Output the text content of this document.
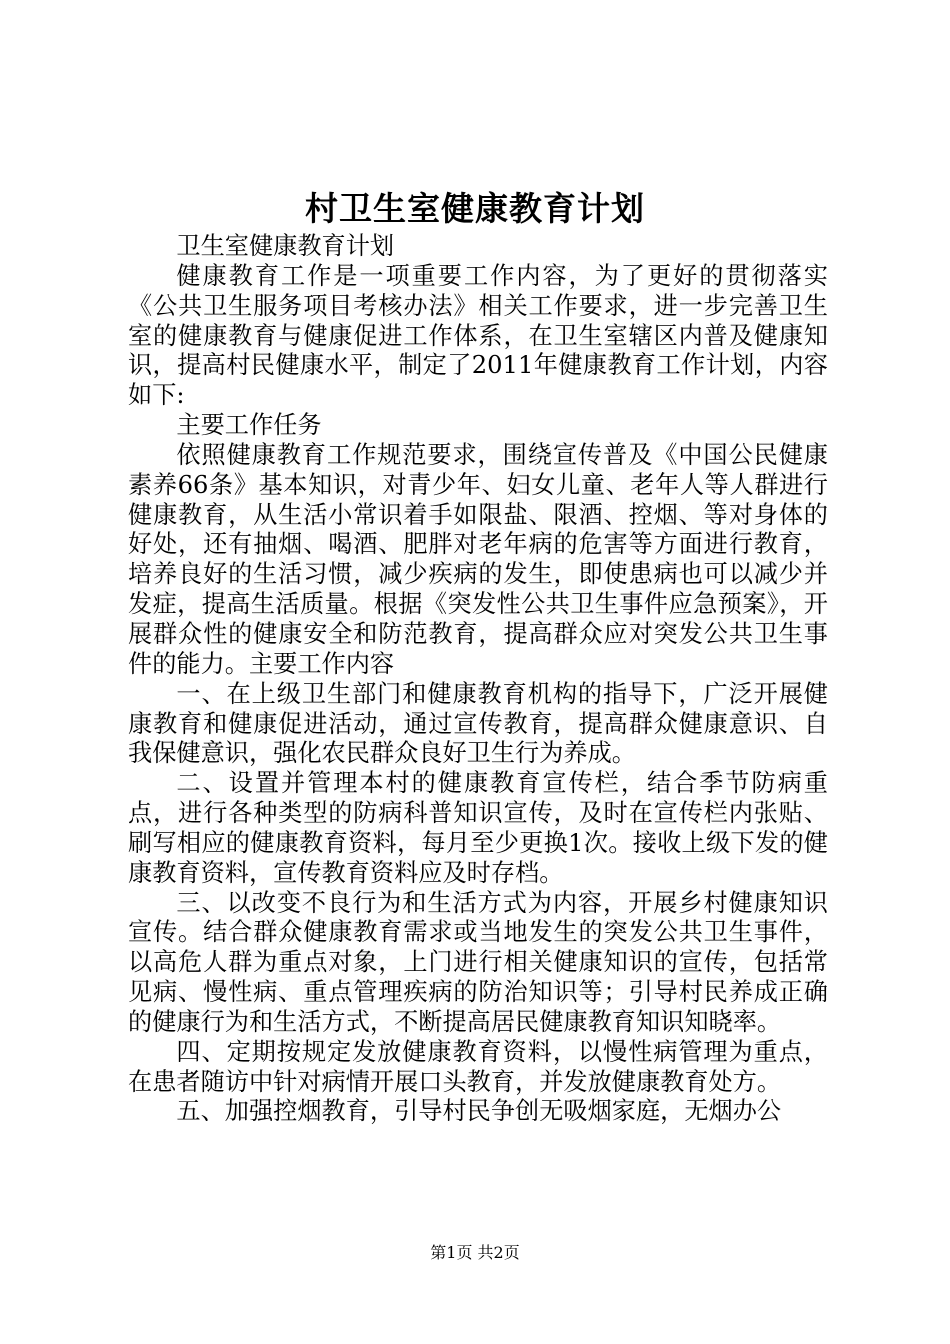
村卫生室健康教育计划

卫生室健康教育计划

健康教育工作是一项重要工作内容，为了更好的贯彻落实《公共卫生服务项目考核办法》相关工作要求，进一步完善卫生室的健康教育与健康促进工作体系，在卫生室辖区内普及健康知识，提高村民健康水平，制定了2011年健康教育工作计划，内容如下:

主要工作任务

依照健康教育工作规范要求，围绕宣传普及《中国公民健康素养66条》基本知识，对青少年、妇女儿童、老年人等人群进行健康教育，从生活小常识着手如限盐、限酒、控烟、等对身体的好处，还有抽烟、喝酒、肥胖对老年病的危害等方面进行教育，培养良好的生活习惯，减少疾病的发生，即使患病也可以减少并发症，提高生活质量。根据《突发性公共卫生事件应急预案》，开展群众性的健康安全和防范教育，提高群众应对突发公共卫生事件的能力。主要工作内容

一、在上级卫生部门和健康教育机构的指导下，广泛开展健康教育和健康促进活动，通过宣传教育，提高群众健康意识、自我保健意识，强化农民群众良好卫生行为养成。

二、设置并管理本村的健康教育宣传栏，结合季节防病重点，进行各种类型的防病科普知识宣传，及时在宣传栏内张贴、刷写相应的健康教育资料，每月至少更换1次。接收上级下发的健康教育资料，宣传教育资料应及时存档。

三、以改变不良行为和生活方式为内容，开展乡村健康知识宣传。结合群众健康教育需求或当地发生的突发公共卫生事件，以高危人群为重点对象，上门进行相关健康知识的宣传，包括常见病、慢性病、重点管理疾病的防治知识等；引导村民养成正确的健康行为和生活方式，不断提高居民健康教育知识知晓率。

四、定期按规定发放健康教育资料，以慢性病管理为重点，在患者随访中针对病情开展口头教育，并发放健康教育处方。

五、加强控烟教育，引导村民争创无吸烟家庭，无烟办公

第1页 共2页
